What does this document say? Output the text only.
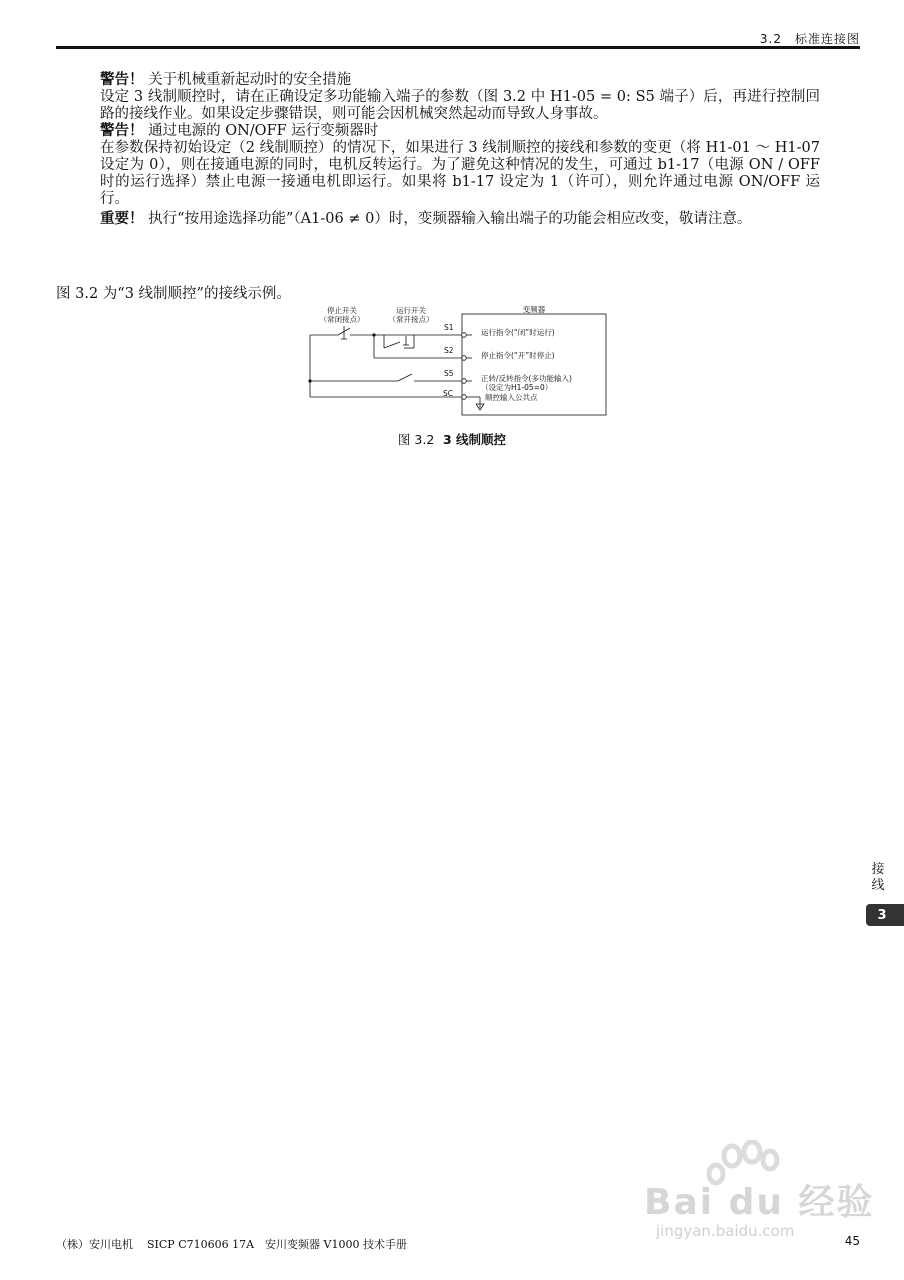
3.2　标准连接图

警告！ 关于机械重新起动时的安全措施
设定 3 线制顺控时，请在正确设定多功能输入端子的参数（图 3.2 中 H1-05 = 0: S5 端子）后，再进行控制回路的接线作业。如果设定步骤错误，则可能会因机械突然起动而导致人身事故。

警告！ 通过电源的 ON/OFF 运行变频器时
在参数保持初始设定（2 线制顺控）的情况下，如果进行 3 线制顺控的接线和参数的变更（将 H1-01 ～ H1-07 设定为 0），则在接通电源的同时，电机反转运行。为了避免这种情况的发生，可通过 b1-17（电源 ON / OFF 时的运行选择）禁止电源一接通电机即运行。如果将 b1-17 设定为 1（许可），则允许通过电源 ON/OFF 运行。

重要！ 执行“按用途选择功能”（A1-06 ≠ 0）时，变频器输入输出端子的功能会相应改变，敬请注意。

图 3.2 为“3 线制顺控”的接线示例。
停止开关
（常闭接点）
运行开关
（常开接点）
变频器
S1
S2
S5
SC
运行指令(“闭”时运行)
停止指令(“开”时停止)
正转/反转指令(多功能输入)
（设定为H1-05=0）
顺控输入公共点
图 3.2 3 线制顺控
接线
3
Bai du 经验
jingyan.baidu.com
（株）安川电机 SICP C710606 17A　安川变频器 V1000 技术手册	45
